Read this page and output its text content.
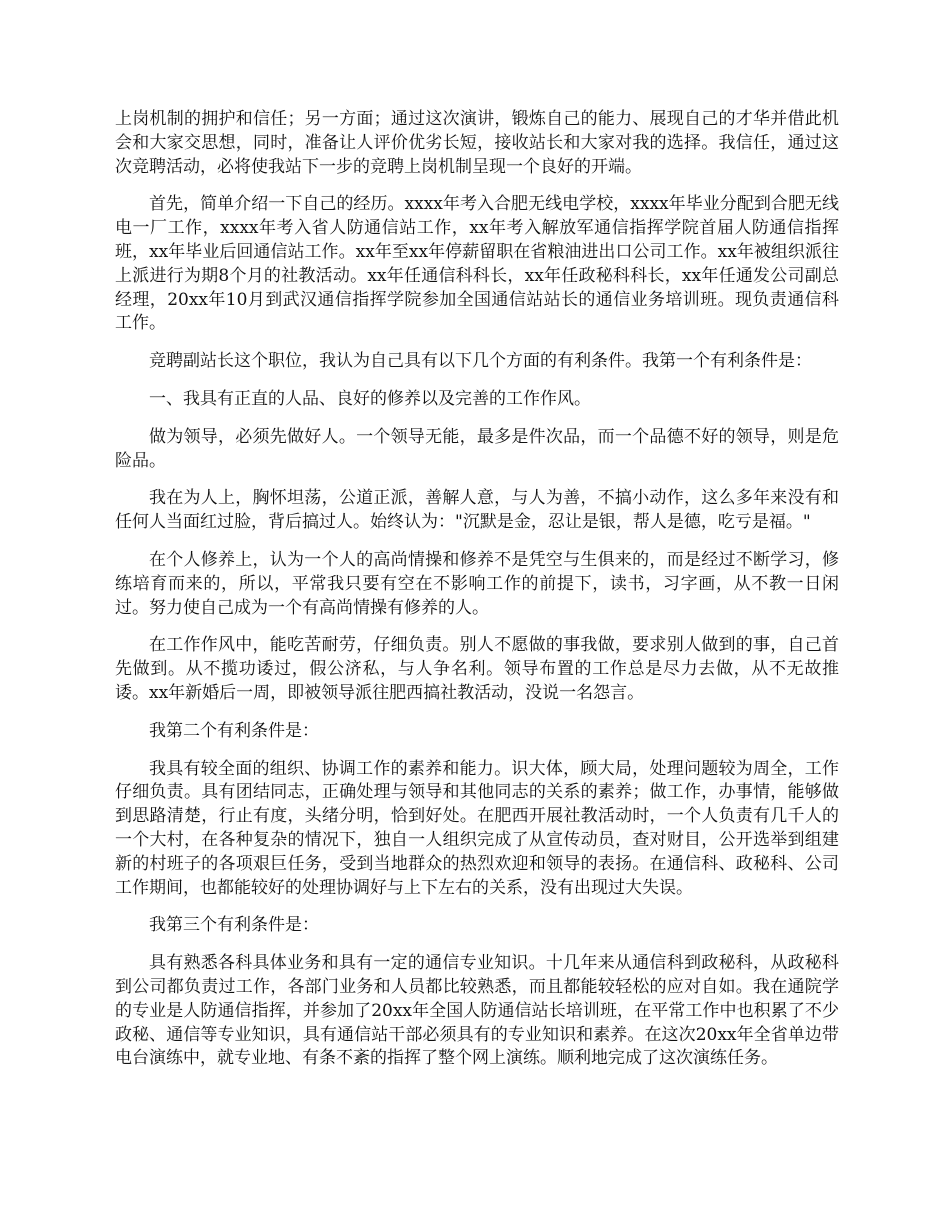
上岗机制的拥护和信任；另一方面；通过这次演讲，锻炼自己的能力、展现自己的才华并借此机会和大家交思想，同时，准备让人评价优劣长短，接收站长和大家对我的选择。我信任，通过这次竞聘活动，必将使我站下一步的竞聘上岗机制呈现一个良好的开端。

首先，简单介绍一下自己的经历。xxxx年考入合肥无线电学校，xxxx年毕业分配到合肥无线电一厂工作，xxxx年考入省人防通信站工作，xx年考入解放军通信指挥学院首届人防通信指挥班，xx年毕业后回通信站工作。xx年至xx年停薪留职在省粮油进出口公司工作。xx年被组织派往上派进行为期8个月的社教活动。xx年任通信科科长，xx年任政秘科科长，xx年任通发公司副总经理，20xx年10月到武汉通信指挥学院参加全国通信站站长的通信业务培训班。现负责通信科工作。

竞聘副站长这个职位，我认为自己具有以下几个方面的有利条件。我第一个有利条件是：

一、我具有正直的人品、良好的修养以及完善的工作作风。

做为领导，必须先做好人。一个领导无能，最多是件次品，而一个品德不好的领导，则是危险品。

我在为人上，胸怀坦荡，公道正派，善解人意，与人为善，不搞小动作，这么多年来没有和任何人当面红过脸，背后搞过人。始终认为："沉默是金，忍让是银，帮人是德，吃亏是福。"

在个人修养上，认为一个人的高尚情操和修养不是凭空与生俱来的，而是经过不断学习，修练培育而来的，所以，平常我只要有空在不影响工作的前提下，读书，习字画，从不教一日闲过。努力使自己成为一个有高尚情操有修养的人。

在工作作风中，能吃苦耐劳，仔细负责。别人不愿做的事我做，要求别人做到的事，自己首先做到。从不揽功诿过，假公济私，与人争名利。领导布置的工作总是尽力去做，从不无故推诿。xx年新婚后一周，即被领导派往肥西搞社教活动，没说一名怨言。

我第二个有利条件是：

我具有较全面的组织、协调工作的素养和能力。识大体，顾大局，处理问题较为周全，工作仔细负责。具有团结同志，正确处理与领导和其他同志的关系的素养；做工作，办事情，能够做到思路清楚，行止有度，头绪分明，恰到好处。在肥西开展社教活动时，一个人负责有几千人的一个大村，在各种复杂的情况下，独自一人组织完成了从宣传动员，查对财目，公开选举到组建新的村班子的各项艰巨任务，受到当地群众的热烈欢迎和领导的表扬。在通信科、政秘科、公司工作期间，也都能较好的处理协调好与上下左右的关系，没有出现过大失误。

我第三个有利条件是：

具有熟悉各科具体业务和具有一定的通信专业知识。十几年来从通信科到政秘科，从政秘科到公司都负责过工作，各部门业务和人员都比较熟悉，而且都能较轻松的应对自如。我在通院学的专业是人防通信指挥，并参加了20xx年全国人防通信站长培训班，在平常工作中也积累了不少政秘、通信等专业知识，具有通信站干部必须具有的专业知识和素养。在这次20xx年全省单边带电台演练中，就专业地、有条不紊的指挥了整个网上演练。顺利地完成了这次演练任务。
